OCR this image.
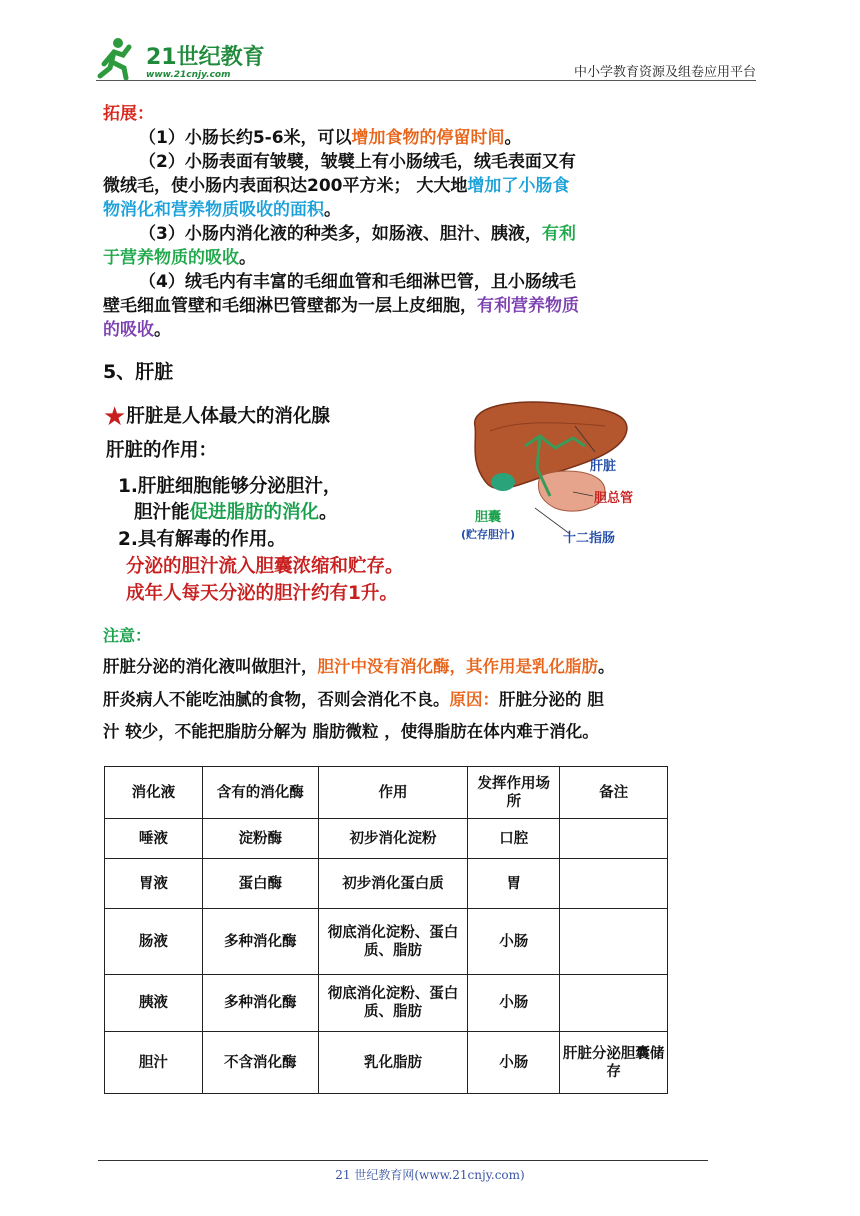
21世纪教育
www.21cnjy.com	中小学教育资源及组卷应用平台
拓展：
（1）小肠长约5-6米，可以增加食物的停留时间。
（2）小肠表面有皱襞，皱襞上有小肠绒毛，绒毛表面又有
微绒毛，使小肠内表面积达200平方米； 大大地增加了小肠食
物消化和营养物质吸收的面积。
（3）小肠内消化液的种类多，如肠液、胆汁、胰液，有利
于营养物质的吸收。
（4）绒毛内有丰富的毛细血管和毛细淋巴管，且小肠绒毛
壁毛细血管壁和毛细淋巴管壁都为一层上皮细胞，有利营养物质
的吸收。
5、肝脏
★肝脏是人体最大的消化腺
肝脏的作用：
1.肝脏细胞能够分泌胆汁，
胆汁能促进脂肪的消化。
2.具有解毒的作用。
分泌的胆汁流入胆囊浓缩和贮存。
成年人每天分泌的胆汁约有1升。
肝脏
胆总管
胆囊
(贮存胆汁)	十二指肠
注意：
肝脏分泌的消化液叫做胆汁，胆汁中没有消化酶，其作用是乳化脂肪。
肝炎病人不能吃油腻的食物，否则会消化不良。原因：肝脏分泌的 胆
汁 较少，不能把脂肪分解为 脂肪微粒 ，使得脂肪在体内难于消化。
消化液	含有的消化酶	作用	发挥作用场所	备注
唾液	淀粉酶	初步消化淀粉	口腔	
胃液	蛋白酶	初步消化蛋白质	胃	
肠液	多种消化酶	彻底消化淀粉、蛋白质、脂肪	小肠	
胰液	多种消化酶	彻底消化淀粉、蛋白质、脂肪	小肠	
胆汁	不含消化酶	乳化脂肪	小肠	肝脏分泌胆囊储存
21 世纪教育网(www.21cnjy.com)
